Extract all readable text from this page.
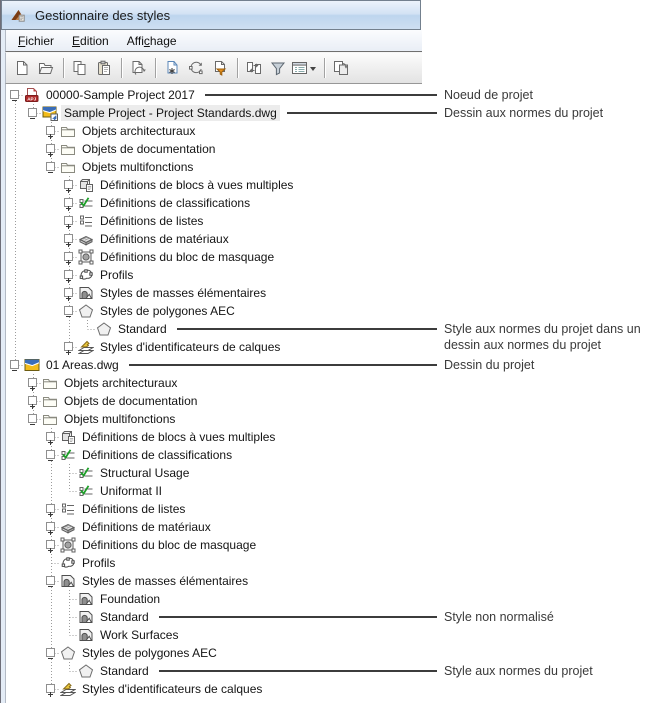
Gestionnaire des styles
Fichier	Edition	Affichage
APJ 00000-Sample Project 2017
Sample Project - Project Standards.dwg
Objets architecturaux
Objets de documentation
Objets multifonctions
Définitions de blocs à vues multiples
Définitions de classifications
Définitions de listes
Définitions de matériaux
Définitions du bloc de masquage
Profils
Styles de masses élémentaires
Styles de polygones AEC
Standard
Styles d'identificateurs de calques
01 Areas.dwg
Objets architecturaux
Objets de documentation
Objets multifonctions
Définitions de blocs à vues multiples
Définitions de classifications
Structural Usage
Uniformat II
Définitions de listes
Définitions de matériaux
Définitions du bloc de masquage
Profils
Styles de masses élémentaires
Foundation
Standard
Work Surfaces
Styles de polygones AEC
Standard
Styles d'identificateurs de calques
Noeud de projet
Dessin aux normes du projet
Style aux normes du projet dans un dessin aux normes du projet
Dessin du projet
Style non normalisé
Style aux normes du projet
